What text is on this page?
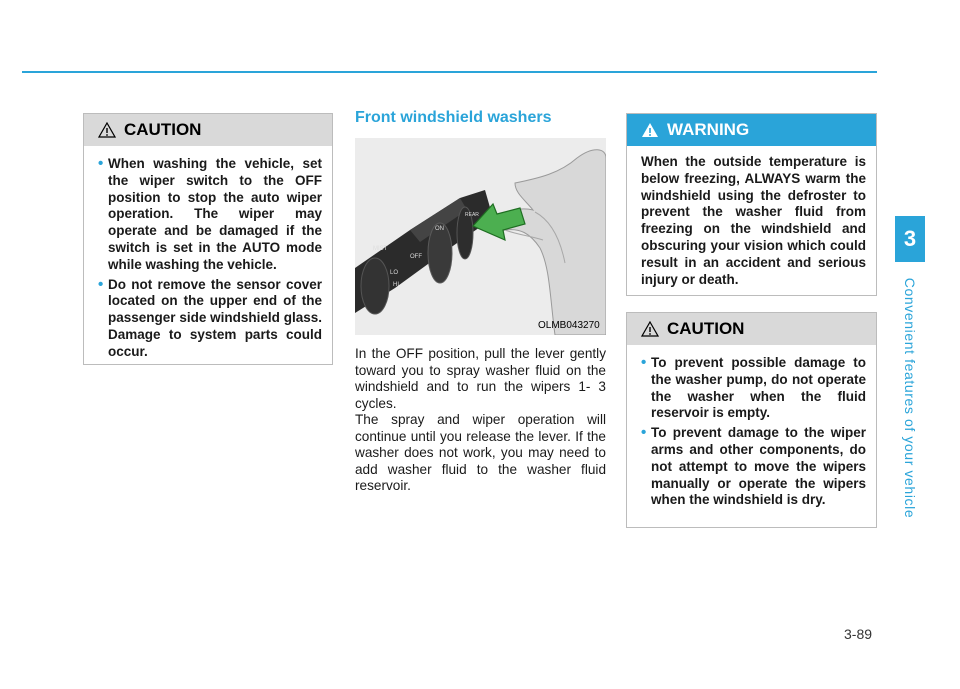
CAUTION
• When washing the vehicle, set the wiper switch to the OFF position to stop the auto wiper operation. The wiper may operate and be damaged if the switch is set in the AUTO mode while washing the vehicle.
• Do not remove the sensor cover located on the upper end of the passenger side windshield glass. Damage to system parts could occur.
Front windshield washers
MIST
OFF
LO
HI
ON
REAR
OLMB043270

In the OFF position, pull the lever gently toward you to spray washer fluid on the windshield and to run the wipers 1- 3 cycles.

The spray and wiper operation will continue until you release the lever. If the washer does not work, you may need to add washer fluid to the washer fluid reservoir.

WARNING
When the outside temperature is below freezing, ALWAYS warm the windshield using the defroster to prevent the washer fluid from freezing on the windshield and obscuring your vision which could result in an accident and serious injury or death.
CAUTION
• To prevent possible damage to the washer pump, do not operate the washer when the fluid reservoir is empty.
• To prevent damage to the wiper arms and other components, do not attempt to move the wipers manually or operate the wipers when the windshield is dry.
3
Convenient features of your vehicle
3-89
